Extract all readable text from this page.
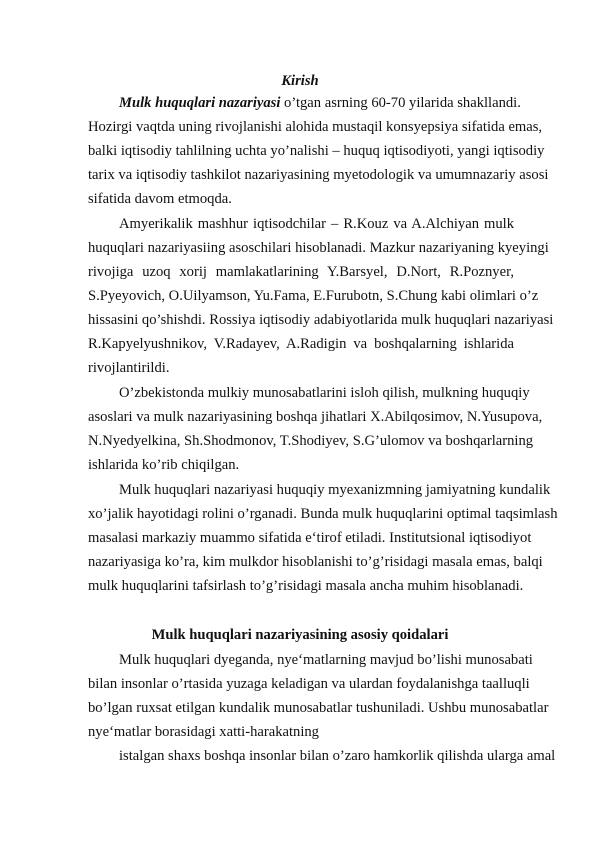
Kirish
Mulk huquqlari nazariyasi o’tgan asrning 60-70 yilarida shakllandi.
Hozirgi vaqtda uning rivojlanishi alohida mustaqil konsyepsiya sifatida emas,
balki iqtisodiy tahlilning uchta yo’nalishi – huquq iqtisodiyoti, yangi iqtisodiy
tarix va iqtisodiy tashkilot nazariyasining myetodologik va umumnazariy asosi
sifatida davom etmoqda.
Amyerikalik mashhur iqtisodchilar – R.Kouz va A.Alchiyan mulk
huquqlari nazariyasiing asoschilari hisoblanadi. Mazkur nazariyaning kyeyingi
rivojiga uzoq xorij mamlakatlarining Y.Barsyel, D.Nort, R.Poznyer,
S.Pyeyovich, O.Uilyamson, Yu.Fama, E.Furubotn, S.Chung kabi olimlari o’z
hissasini qo’shishdi. Rossiya iqtisodiy adabiyotlarida mulk huquqlari nazariyasi
R.Kapyelyushnikov, V.Radayev, A.Radigin va boshqalarning ishlarida
rivojlantirildi.
O’zbekistonda mulkiy munosabatlarini isloh qilish, mulkning huquqiy
asoslari va mulk nazariyasining boshqa jihatlari X.Abilqosimov, N.Yusupova,
N.Nyedyelkina, Sh.Shodmonov, T.Shodiyev, S.G’ulomov va boshqarlarning
ishlarida ko’rib chiqilgan.
Mulk huquqlari nazariyasi huquqiy myexanizmning jamiyatning kundalik
xo’jalik hayotidagi rolini o’rganadi. Bunda mulk huquqlarini optimal taqsimlash
masalasi markaziy muammo sifatida e‘tirof etiladi. Institutsional iqtisodiyot
nazariyasiga ko’ra, kim mulkdor hisoblanishi to’g’risidagi masala emas, balqi
mulk huquqlarini tafsirlash to’g’risidagi masala ancha muhim hisoblanadi.
Mulk huquqlari nazariyasining asosiy qoidalari
Mulk huquqlari dyeganda, nye‘matlarning mavjud bo’lishi munosabati
bilan insonlar o’rtasida yuzaga keladigan va ulardan foydalanishga taalluqli
bo’lgan ruxsat etilgan kundalik munosabatlar tushuniladi. Ushbu munosabatlar
nye‘matlar borasidagi xatti-harakatning
istalgan shaxs boshqa insonlar bilan o’zaro hamkorlik qilishda ularga amal
